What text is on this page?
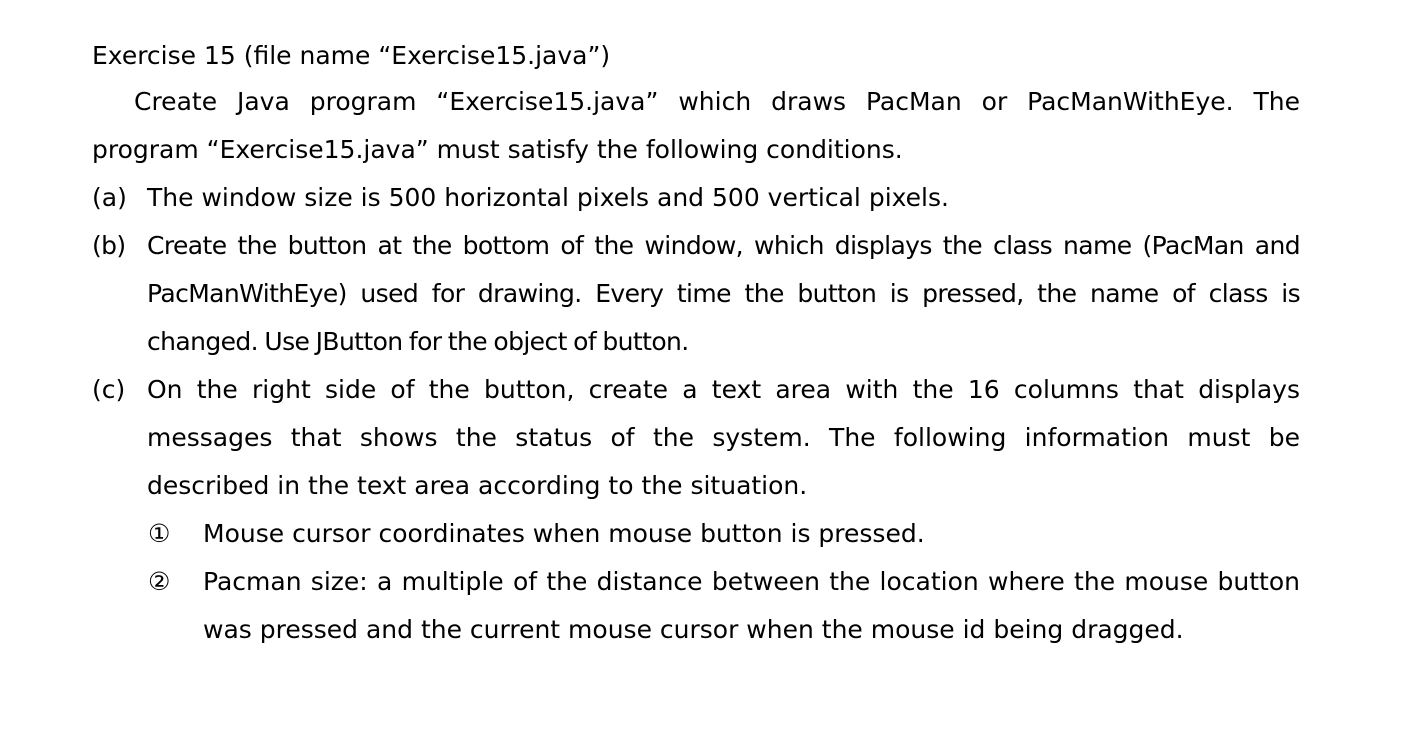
Exercise 15 (file name “Exercise15.java”)

Create Java program “Exercise15.java” which draws PacMan or PacManWithEye. The program “Exercise15.java” must satisfy the following conditions.

(a) The window size is 500 horizontal pixels and 500 vertical pixels.
(b) Create the button at the bottom of the window, which displays the class name (PacMan and PacManWithEye) used for drawing. Every time the button is pressed, the name of class is changed. Use JButton for the object of button.
(c) On the right side of the button, create a text area with the 16 columns that displays messages that shows the status of the system. The following information must be described in the text area according to the situation.
① Mouse cursor coordinates when mouse button is pressed.
② Pacman size: a multiple of the distance between the location where the mouse button was pressed and the current mouse cursor when the mouse id being dragged.
